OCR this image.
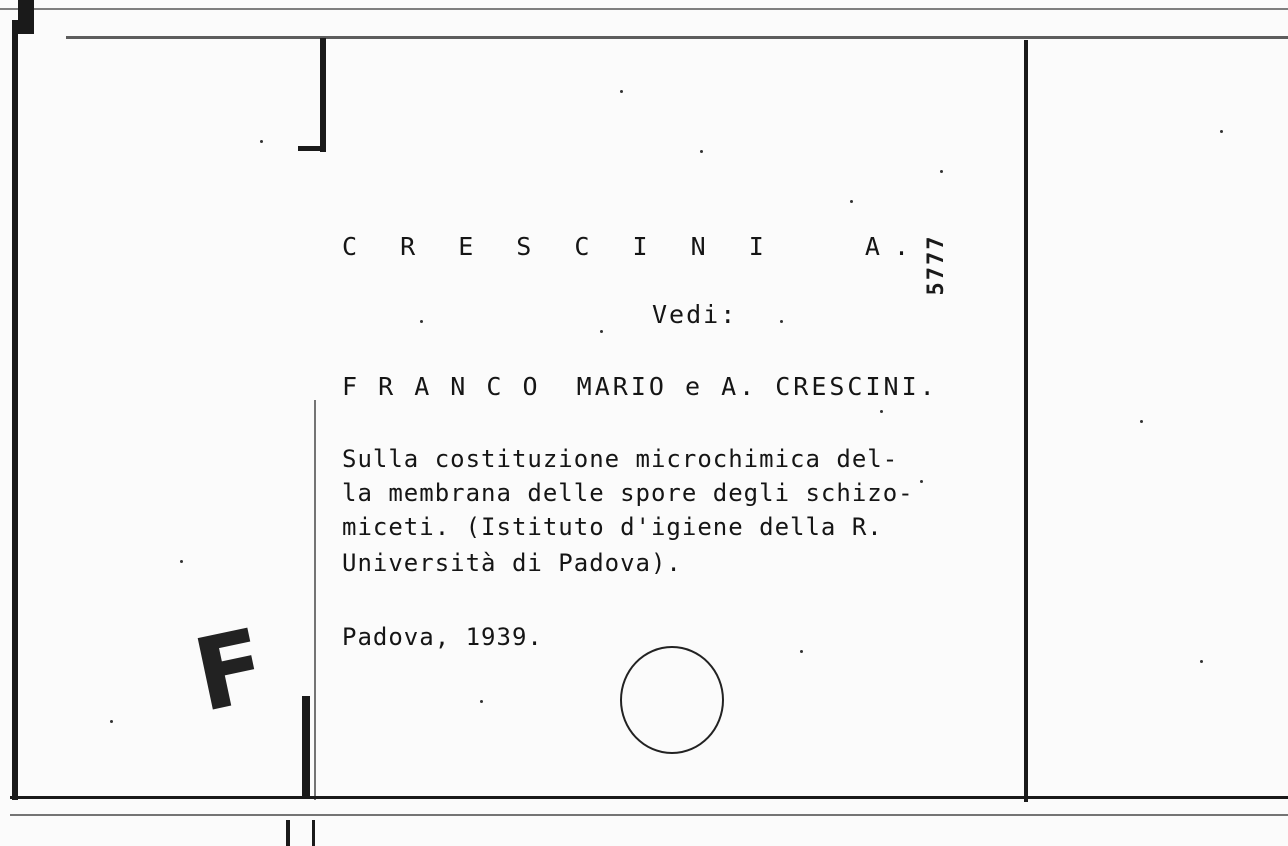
C R E S C I N I   A.
Vedi:
F R A N C O  MARIO e A. CRESCINI.
Sulla costituzione microchimica del-
la membrana delle spore degli schizo-
miceti. (Istituto d'igiene della R.
Università di Padova).
Padova, 1939.
5777
F
